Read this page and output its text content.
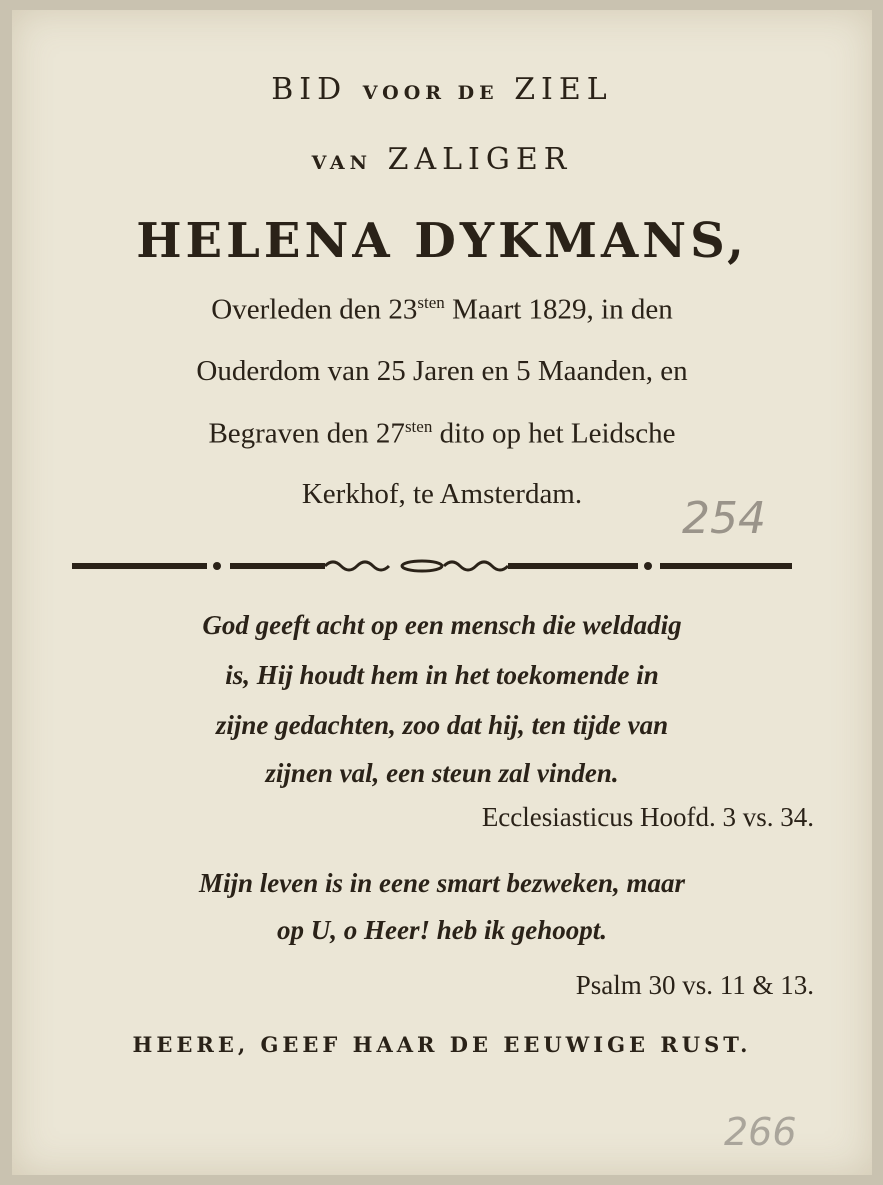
BID VOOR DE ZIEL
VAN ZALIGER
HELENA DYKMANS,
Overleden den $23^{sten}$ Maart 1829, in den
Ouderdom van 25 Jaren en 5 Maanden, en
Begraven den $27^{sten}$ dito op het Leidsche
Kerkhof, te Amsterdam.	254
God geeft acht op een mensch die weldadig
is, Hij houdt hem in het toekomende in
zijne gedachten, zoo dat hij, ten tijde van
zijnen val, een steun zal vinden.
Ecclesiasticus Hoofd. 3 vs. 34.
Mijn leven is in eene smart bezweken, maar
op U, o Heer! heb ik gehoopt.
Psalm 30 vs. 11 & 13.
HEERE, GEEF HAAR DE EEUWIGE RUST.
266
